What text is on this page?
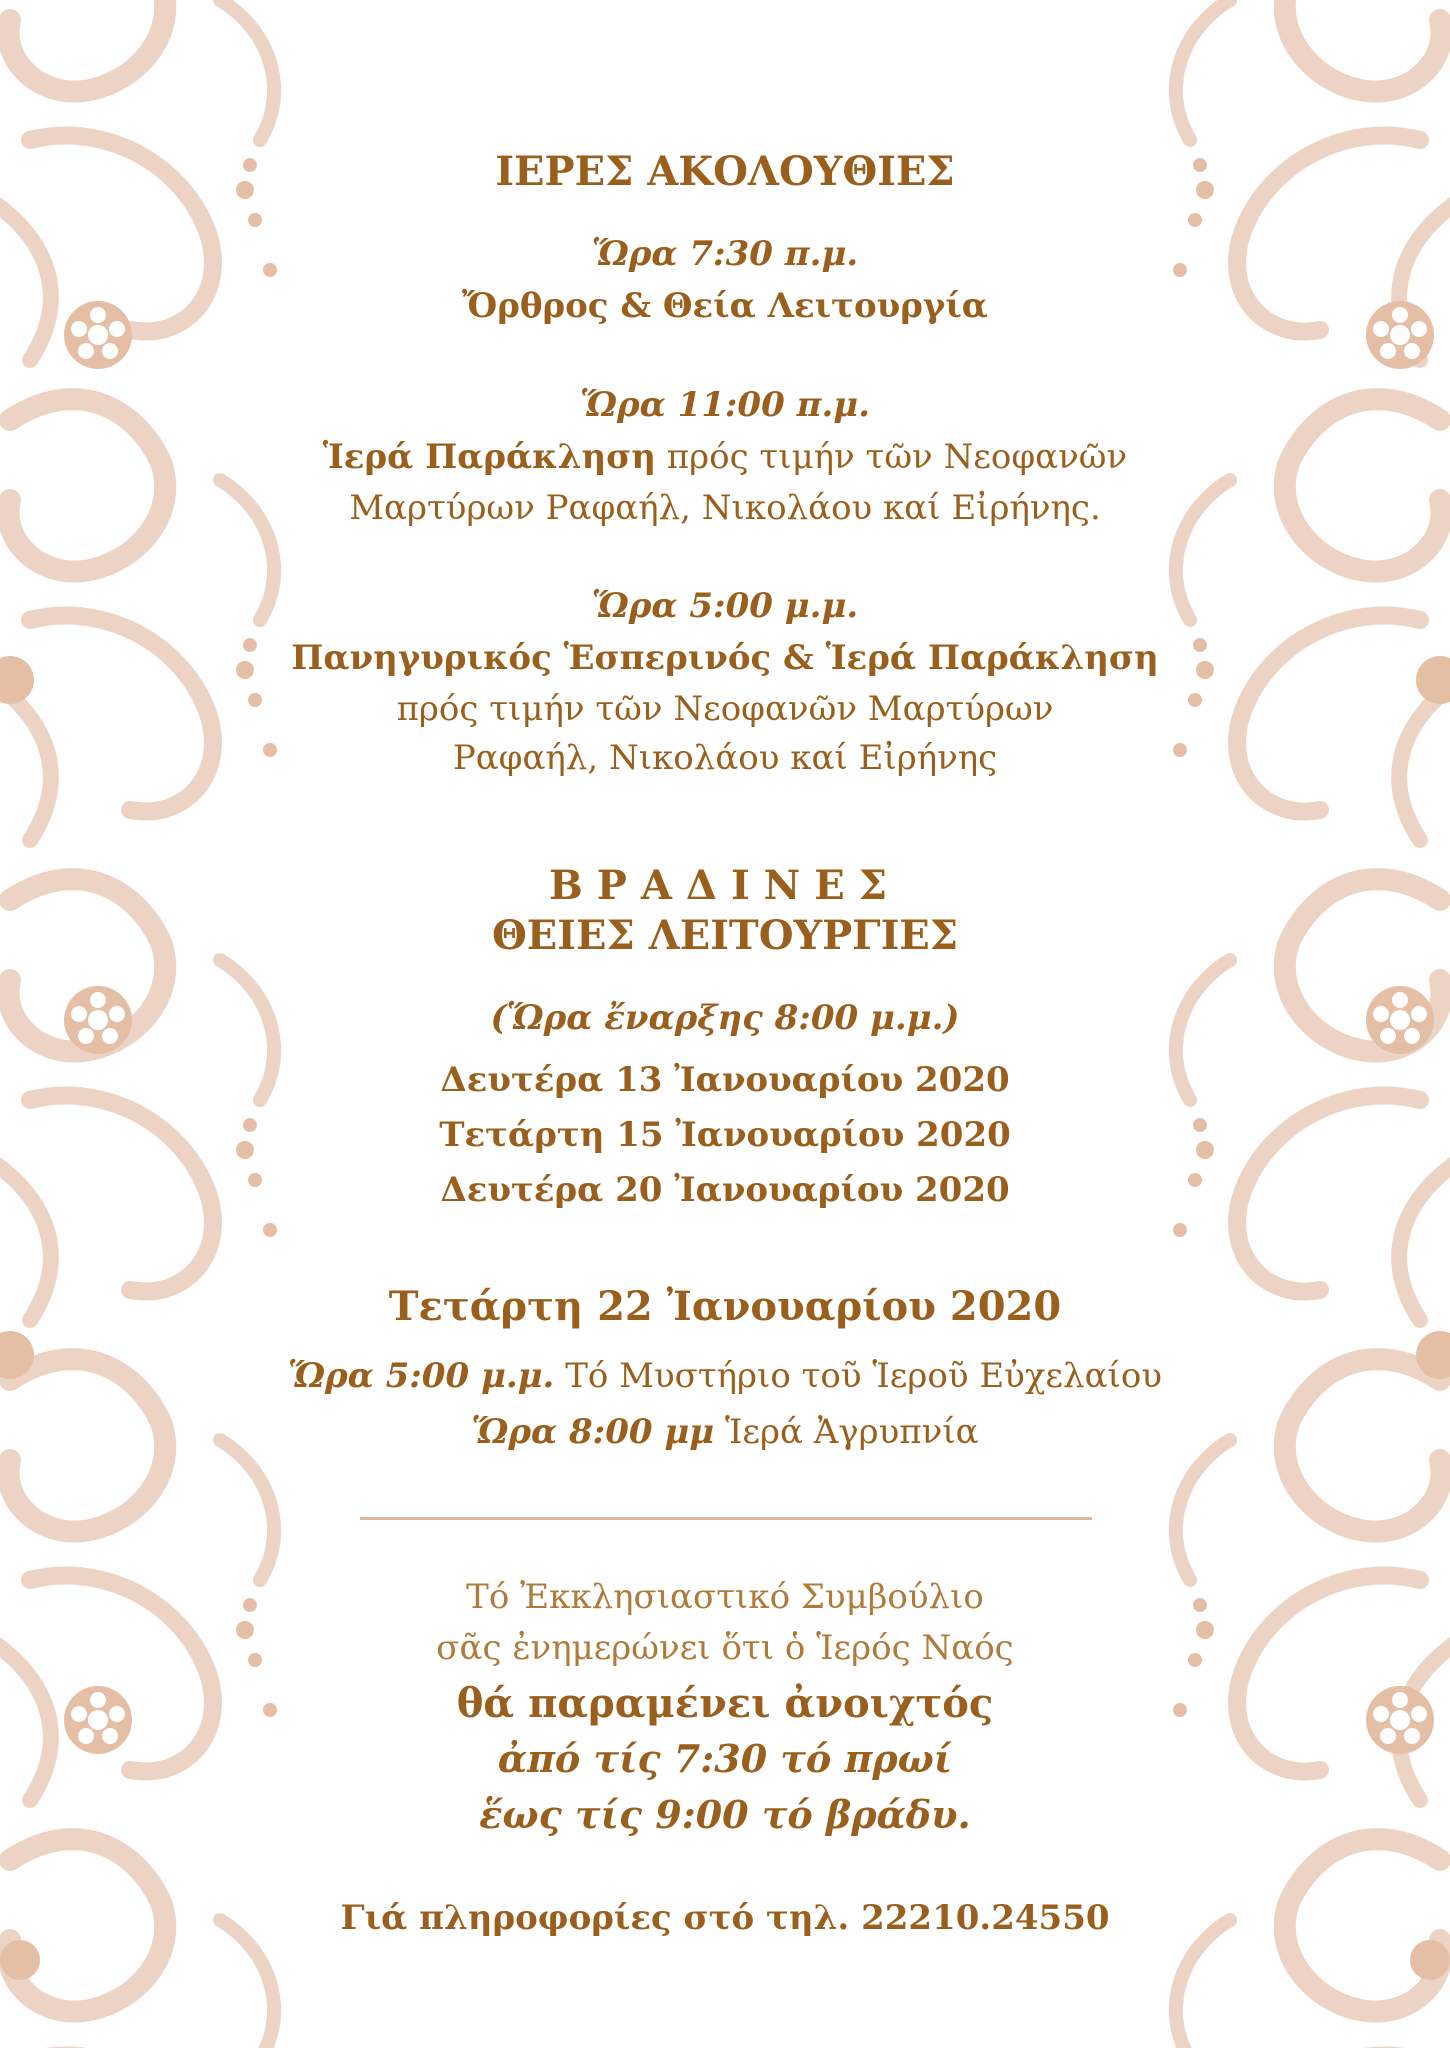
ΙΕΡΕΣ ΑΚΟΛΟΥΘΙΕΣ
Ὥρα 7:30 π.μ.
Ὄρθρος & Θεία Λειτουργία
Ὥρα 11:00 π.μ.
Ἱερά Παράκληση πρός τιμήν τῶν Νεοφανῶν
Μαρτύρων Ραφαήλ, Νικολάου καί Εἰρήνης.
Ὥρα 5:00 μ.μ.
Πανηγυρικός Ἑσπερινός & Ἱερά Παράκληση
πρός τιμήν τῶν Νεοφανῶν Μαρτύρων
Ραφαήλ, Νικολάου καί Εἰρήνης
ΒΡΑΔΙΝΕΣ
ΘΕΙΕΣ ΛΕΙΤΟΥΡΓΙΕΣ
(Ὥρα ἔναρξης 8:00 μ.μ.)
Δευτέρα 13 Ἰανουαρίου 2020
Τετάρτη 15 Ἰανουαρίου 2020
Δευτέρα 20 Ἰανουαρίου 2020
Τετάρτη 22 Ἰανουαρίου 2020
Ὥρα 5:00 μ.μ. Τό Μυστήριο τοῦ Ἱεροῦ Εὐχελαίου
Ὥρα 8:00 μμ Ἱερά Ἀγρυπνία
Τό Ἐκκλησιαστικό Συμβούλιο
σᾶς ἐνημερώνει ὅτι ὁ Ἱερός Ναός
θά παραμένει ἀνοιχτός
ἀπό τίς 7:30 τό πρωί
ἕως τίς 9:00 τό βράδυ.
Γιά πληροφορίες στό τηλ. 22210.24550
